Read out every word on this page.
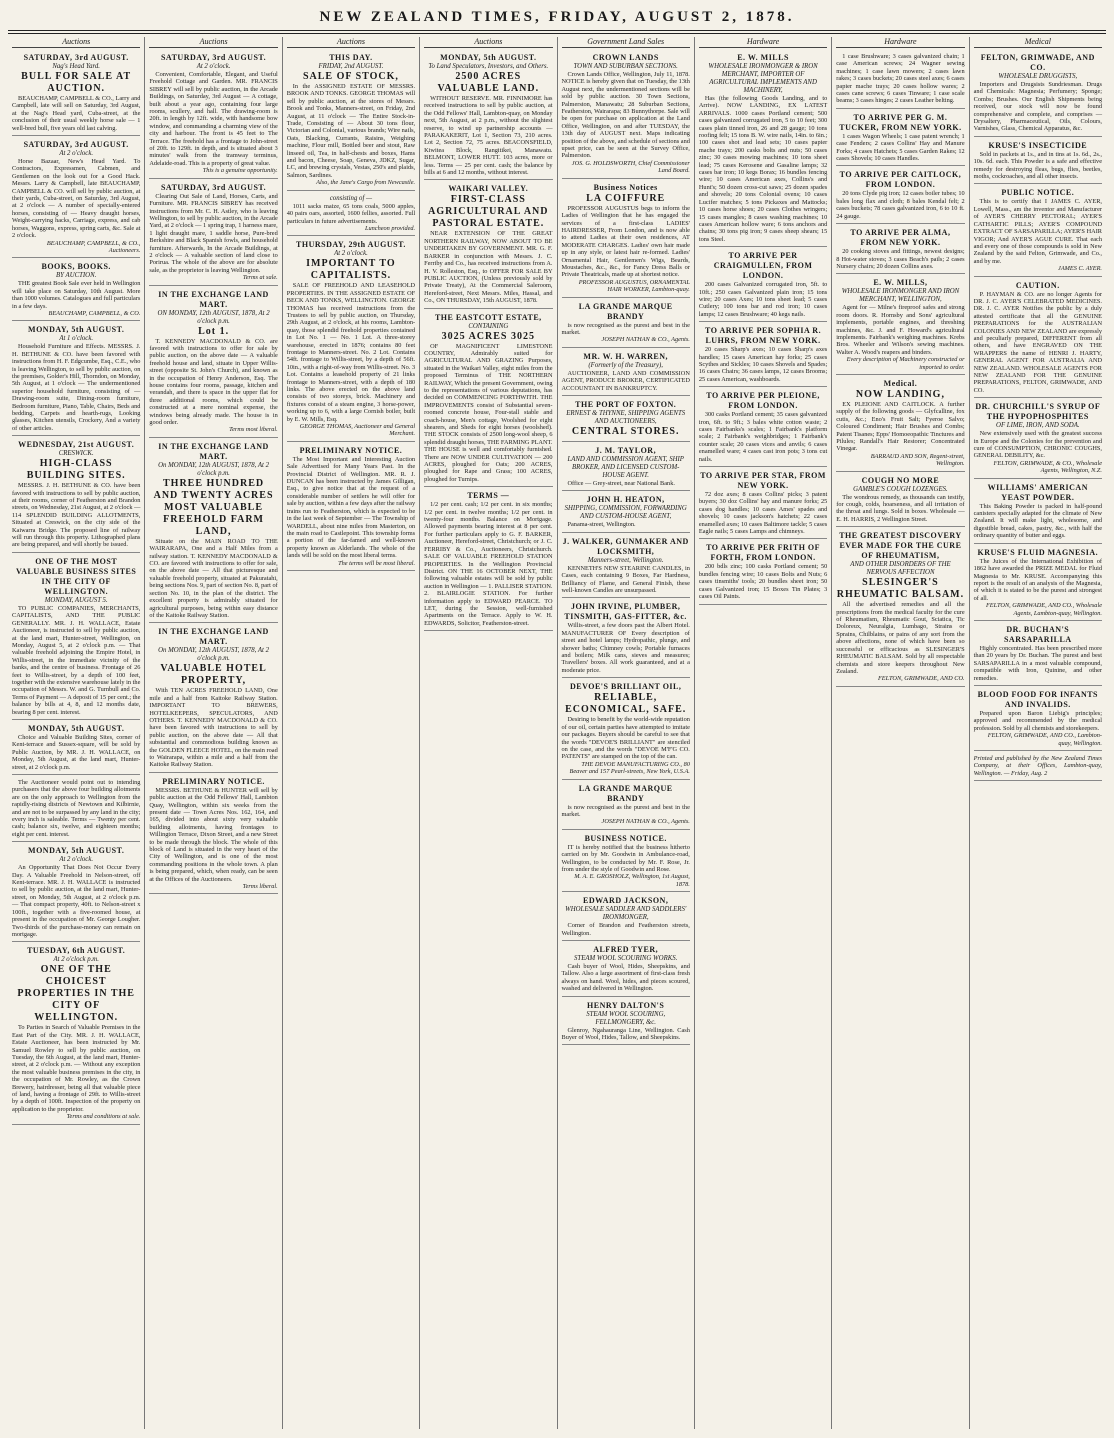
NEW ZEALAND TIMES, FRIDAY, AUGUST 2, 1878.
Auctions
SATURDAY, 3rd AUGUST.
Nag's Head Yard.
BULL FOR SALE AT AUCTION.

BEAUCHAMP, CAMPBELL & CO., Larry and Campbell, late will sell on Saturday, 3rd August, at the Nag's Head yard, Cuba-street, at the conclusion of their usual weekly horse sale — 1 well-bred bull, five years old last calving.

SATURDAY, 3rd AUGUST.
At 2 o'clock.

Horse Bazaar, New's Head Yard. To Contractors, Expressmen, Cabmen, and Gentlemen on the look out for a Good Hack. Messrs. Larry & Campbell, late BEAUCHAMP, CAMPBELL & CO. will sell by public auction, at their yards, Cuba-street, on Saturday, 3rd August, at 2 o'clock — A number of specially-entered horses, consisting of — Heavy draught horses, Weight-carrying hacks, Carriage, express, and cab horses, Waggons, express, spring carts, &c. Sale at 2 o'clock.

BEAUCHAMP, CAMPBELL, & CO., Auctioneers.

BOOKS, BOOKS.
BY AUCTION.

THE greatest Book Sale ever held in Wellington will take place on Saturday, 10th August. More than 1000 volumes. Catalogues and full particulars in a few days.

BEAUCHAMP, CAMPBELL, & CO.

MONDAY, 5th AUGUST.
At 1 o'clock.

Household Furniture and Effects. MESSRS. J. H. BETHUNE & CO. have been favored with instructions from H. F. Edgcumbe, Esq., C.E., who is leaving Wellington, to sell by public auction, on the premises, Golder's Hill, Thorndon, on Monday, 5th August, at 1 o'clock — The undermentioned superior household furniture, consisting of — Drawing-room suite, Dining-room furniture, Bedroom furniture, Piano, Table, Chairs, Beds and bedding, Carpets and hearth-rugs, Looking glasses, Kitchen utensils, Crockery, And a variety of other articles.

WEDNESDAY, 21st AUGUST.
CRESWICK.
HIGH-CLASS BUILDING SITES.

MESSRS. J. H. BETHUNE & CO. have been favored with instructions to sell by public auction, at their rooms, corner of Featherston and Brandon streets, on Wednesday, 21st August, at 2 o'clock — 114 SPLENDID BUILDING ALLOTMENTS, Situated at Creswick, on the city side of the Kaiwarra Bridge. The proposed line of railway will run through this property. Lithographed plans are being prepared, and will shortly be issued.

ONE OF THE MOST VALUABLE BUSINESS SITES IN THE CITY OF WELLINGTON.
MONDAY, AUGUST 5.

TO PUBLIC COMPANIES, MERCHANTS, CAPITALISTS, AND THE PUBLIC GENERALLY. MR. J. H. WALLACE, Estate Auctioneer, is instructed to sell by public auction, at the land mart, Hunter-street, Wellington, on Monday, August 5, at 2 o'clock p.m. — That valuable freehold adjoining the Empire Hotel, in Willis-street, in the immediate vicinity of the banks, and the centre of business. Frontage of 26 feet to Willis-street, by a depth of 100 feet, together with the extensive warehouse lately in the occupation of Messrs. W. and G. Turnbull and Co. Terms of Payment — A deposit of 15 per cent.; the balance by bills at 4, 8, and 12 months date, bearing 8 per cent. interest.

MONDAY, 5th AUGUST.

Choice and Valuable Building Sites, corner of Kent-terrace and Sussex-square, will be sold by Public Auction, by MR. J. H. WALLACE, on Monday, 5th August, at the land mart, Hunter-street, at 2 o'clock p.m.

The Auctioneer would point out to intending purchasers that the above four building allotments are on the only approach to Wellington from the rapidly-rising districts of Newtown and Kilbirnie, and are not to be surpassed by any land in the city; every inch is saleable. Terms — Twenty per cent. cash; balance six, twelve, and eighteen months; eight per cent. interest.

MONDAY, 5th AUGUST.
At 2 o'clock.

An Opportunity That Does Not Occur Every Day. A Valuable Freehold in Nelson-street, off Kent-terrace. MR. J. H. WALLACE is instructed to sell by public auction, at the land mart, Hunter-street, on Monday, 5th August, at 2 o'clock p.m. — That compact property, 40ft. to Nelson-street x 100ft., together with a five-roomed house, at present in the occupation of Mr. George Lougher. Two-thirds of the purchase-money can remain on mortgage.

TUESDAY, 6th AUGUST.
At 2 o'clock p.m.
ONE OF THE CHOICEST PROPERTIES IN THE CITY OF WELLINGTON.

To Parties in Search of Valuable Premises in the East Part of the City. MR. J. H. WALLACE, Estate Auctioneer, has been instructed by Mr. Samuel Rowley to sell by public auction, on Tuesday, the 6th August, at the land mart, Hunter-street, at 2 o'clock p.m. — Without any exception the most valuable business premises in the city, in the occupation of Mr. Rowley, as the Crown Brewery, hairdresser, being all that valuable piece of land, having a frontage of 29ft. to Willis-street by a depth of 100ft. Inspection of the property on application to the proprietor.

Terms and conditions at sale.

Auctions
SATURDAY, 3rd AUGUST.
At 2 o'clock.

Convenient, Comfortable, Elegant, and Useful Freehold Cottage and Garden. MR. FRANCIS SIBREY will sell by public auction, in the Arcade Buildings, on Saturday, 3rd August — A cottage, built about a year ago, containing four large rooms, scullery, and hall. The drawing-room is 20ft. in length by 12ft. wide, with handsome bow window, and commanding a charming view of the city and harbour. The front is 45 feet to The Terrace. The freehold has a frontage to John-street of 20ft. to 129ft. in depth, and is situated about 3 minutes' walk from the tramway terminus, Adelaide-road. This is a property of great value.

This is a genuine opportunity.

SATURDAY, 3rd AUGUST.

Clearing Out Sale of Land, Horses, Carts, and Furniture. MR. FRANCIS SIBREY has received instructions from Mr. C. H. Astley, who is leaving Wellington, to sell by public auction, in the Arcade Yard, at 2 o'clock — 1 spring trap, 1 harness mare, 1 light draught mare, 1 saddle horse, Pure-bred Berkshire and Black Spanish fowls, and household furniture. Afterwards, In the Arcade Buildings, at 2 o'clock — A valuable section of land close to Porirua. The whole of the above are for absolute sale, as the proprietor is leaving Wellington.

Terms at sale.

IN THE EXCHANGE LAND MART.
ON MONDAY, 12th AUGUST, 1878, At 2 o'clock p.m.
Lot 1.

T. KENNEDY MACDONALD & CO. are favored with instructions to offer for sale by public auction, on the above date — A valuable freehold house and land, situate in Upper Willis-street (opposite St. John's Church), and known as in the occupation of Henry Anderson, Esq. The house contains four rooms, passage, kitchen and verandah, and there is space in the upper flat for three additional rooms, which could be constructed at a mere nominal expense, the windows being already made. The house is in good order.

Terms most liberal.

IN THE EXCHANGE LAND MART.
On MONDAY, 12th AUGUST, 1878, At 2 o'clock p.m.
THREE HUNDRED AND TWENTY ACRES MOST VALUABLE FREEHOLD FARM LAND,

Situate on the MAIN ROAD TO THE WAIRARAPA, One and a Half Miles from a railway station. T. KENNEDY MACDONALD & CO. are favored with instructions to offer for sale, on the above date — All that picturesque and valuable freehold property, situated at Pakuratahi, being sections Nos. 9, part of section No. 8, part of section No. 10, in the plan of the district. The excellent property is admirably situated for agricultural purposes, being within easy distance of the Kaitoke Railway Station.

IN THE EXCHANGE LAND MART.
On MONDAY, 12th AUGUST, 1878, At 2 o'clock p.m.
VALUABLE HOTEL PROPERTY,

With TEN ACRES FREEHOLD LAND, One mile and a half from Kaitoke Railway Station. IMPORTANT TO BREWERS, HOTELKEEPERS, SPECULATORS, AND OTHERS. T. KENNEDY MACDONALD & CO. have been favored with instructions to sell by public auction, on the above date — All that substantial and commodious building known as the GOLDEN FLEECE HOTEL, on the main road to Wairarapa, within a mile and a half from the Kaitoke Railway Station.

PRELIMINARY NOTICE.

MESSRS. BETHUNE & HUNTER will sell by public auction at the Odd Fellows' Hall, Lambton Quay, Wellington, within six weeks from the present date — Town Acres Nos. 162, 164, and 165, divided into about sixty very valuable building allotments, having frontages to Willington Terrace, Dixon Street, and a new Street to be made through the block. The whole of this block of Land is situated in the very heart of the City of Wellington, and is one of the most commanding positions in the whole town. A plan is being prepared, which, when ready, can be seen at the Offices of the Auctioneers.

Terms liberal.

Auctions
THIS DAY.
FRIDAY, 2nd AUGUST.
SALE OF STOCK,

In the ASSIGNED ESTATE OF MESSRS. BROOK AND TONKS. GEORGE THOMAS will sell by public auction, at the stores of Messrs. Brook and Tonks, Manners-street, on Friday, 2nd August, at 11 o'clock — The Entire Stock-in-Trade, Consisting of — About 30 tons flour, Victorian and Colonial, various brands; Wire nails, Oats, Blacking, Currants, Raisins, Weighing machine, Flour mill, Bottled beer and stout, Raw linseed oil, Tea, in half-chests and boxes, Hams and bacon, Cheese, Soap, Geneva, JDKZ, Sugar, LC, and brewing crystals, Vestas, 250's and plaids, Salmon, Sardines.

Also, the Jane's Cargo from Newcastle.

consisting of —

1011 sacks maize, 65 tons coals, 5000 apples, 40 pairs oars, assorted, 1600 fellies, assorted. Full particulars in future advertisements.

Luncheon provided.

THURSDAY, 29th AUGUST.
At 2 o'clock.
IMPORTANT TO CAPITALISTS.

SALE OF FREEHOLD AND LEASEHOLD PROPERTIES. IN THE ASSIGNED ESTATE OF BECK AND TONKS, WELLINGTON. GEORGE THOMAS has received instructions from the Trustees to sell by public auction, on Thursday, 29th August, at 2 o'clock, at his rooms, Lambton-quay, those splendid freehold properties contained in Lot No. 1 — No. 1 Lot. A three-storey warehouse, erected in 1876; contains 80 feet frontage to Manners-street. No. 2 Lot. Contains 54ft. frontage to Willis-street, by a depth of 56ft. 10in., with a right-of-way from Willis-street. No. 3 Lot. Contains a leasehold property of 21 links frontage to Manners-street, with a depth of 180 links. The above erected on the above land consists of two storeys, brick. Machinery and fixtures consist of a steam engine, 3 horse-power, working up to 6, with a large Cornish boiler, built by E. W. Mills, Esq.

GEORGE THOMAS, Auctioneer and General Merchant.

PRELIMINARY NOTICE.

The Most Important and Interesting Auction Sale Advertised for Many Years Past. In the Provincial District of Wellington. MR. R. J. DUNCAN has been instructed by James Gilligan, Esq., to give notice that at the request of a considerable number of settlers he will offer for sale by auction, within a few days after the railway trains run to Featherston, which is expected to be in the last week of September — The Township of WARDELL, about nine miles from Masterton, on the main road to Castlepoint. This township forms a portion of the far-famed and well-known property known as Alderlands. The whole of the lands will be sold on the most liberal terms.

The terms will be most liberal.

Auctions
MONDAY, 5th AUGUST.
To Land Speculators, Investors, and Others.
2500 ACRES VALUABLE LAND.

WITHOUT RESERVE. MR. FINNIMORE has received instructions to sell by public auction, at the Odd Fellows' Hall, Lambton-quay, on Monday next, 5th August, at 2 p.m., without the slightest reserve, to wind up partnership accounts — PARAKAKERIT, Lot 1, Section 73, 210 acres. Lot 2, Section 72, 75 acres. BEACONSFIELD, Kiwitea Block, Rangitikei, Manawatu. BELMONT, LOWER HUTT. 103 acres, more or less. Terms — 25 per cent. cash; the balance by bills at 6 and 12 months, without interest.

WAIKARI VALLEY.
FIRST-CLASS AGRICULTURAL AND PASTORAL ESTATE.

NEAR EXTENSION OF THE GREAT NORTHERN RAILWAY, NOW ABOUT TO BE UNDERTAKEN BY GOVERNMENT. MR. G. F. BARKER in conjunction with Messrs. J. C. Ferriby and Co., has received instructions from A. H. V. Rolleston, Esq., to OFFER FOR SALE BY PUBLIC AUCTION, (Unless previously sold by Private Treaty), At the Commercial Saleroom, Hereford-street, Next Messrs. Miles, Hassal, and Co., ON THURSDAY, 15th AUGUST, 1878.

THE EASTCOTT ESTATE,
CONTAINING
3025 ACRES 3025

OF MAGNIFICENT LIMESTONE COUNTRY, Admirably suited for AGRICULTURAL AND GRAZING Purposes, situated in the Waikari Valley, eight miles from the proposed Terminus of THE NORTHERN RAILWAY, Which the present Government, owing to the representations of various deputations, has decided on COMMENCING FORTHWITH. THE IMPROVEMENTS consist of Substantial seven-roomed concrete house, Four-stall stable and coach-house, Men's cottage, Woolshed for eight shearers, and Sheds for eight horses (woolshed). THE STOCK consists of 2500 long-wool sheep, 6 splendid draught horses, THE FARMING PLANT. THE HOUSE is well and comfortably furnished. There are NOW UNDER CULTIVATION — 200 ACRES, ploughed for Oats; 200 ACRES, ploughed for Rape and Grass; 100 ACRES, ploughed for Turnips.

TERMS —

1/2 per cent. cash; 1/2 per cent. in six months; 1/2 per cent. in twelve months; 1/2 per cent. in twenty-four months. Balance on Mortgage. Allowed payments bearing interest at 8 per cent. For further particulars apply to G. F. BARKER, Auctioneer, Hereford-street, Christchurch; or J. C. FERRIBY & Co., Auctioneers, Christchurch. SALE OF VALUABLE FREEHOLD STATION PROPERTIES. In the Wellington Provincial District. ON THE 16 OCTOBER NEXT, THE following valuable estates will be sold by public auction in Wellington — 1. PALLISER STATION. 2. BLAIRLOGIE STATION. For further information apply to EDWARD PEARCE. TO LET, during the Session, well-furnished Apartments on the Terrace. Apply to W. H. EDWARDS, Solicitor, Featherston-street.

Government Land Sales
CROWN LANDS
TOWN AND SUBURBAN SECTIONS.

Crown Lands Office, Wellington, July 11, 1878. NOTICE is hereby given that on Tuesday, the 13th August next, the undermentioned sections will be sold by public auction. 30 Town Sections, Palmerston, Manawatu; 28 Suburban Sections, Featherston, Wairarapa; 83 Bunnythorpe. Sale will be open for purchase on application at the Land Office, Wellington, on and after TUESDAY, the 13th day of AUGUST next. Maps indicating position of the above, and schedule of sections and upset price, can be seen at the Survey Office, Palmerston.

JOS. G. HOLDSWORTH, Chief Commissioner Land Board.

Business Notices
LA COIFFURE

PROFESSOR AUGUSTUS begs to inform the Ladies of Wellington that he has engaged the services of a first-class LADIES' HAIRDRESSER, From London, and is now able to attend Ladies at their own residences, AT MODERATE CHARGES. Ladies' own hair made up in any style, or latest hair re-formed. Ladies' Ornamental Hair, Gentlemen's Wigs, Beards, Moustaches, &c., &c., for Fancy Dress Balls or Private Theatricals, made up at shortest notice.

PROFESSOR AUGUSTUS, ORNAMENTAL HAIR WORKER, Lambton-quay.

LA GRANDE MARQUE BRANDY

is now recognised as the purest and best in the market.

JOSEPH NATHAN & CO., Agents.

MR. W. H. WARREN,
(Formerly of the Treasury),

AUCTIONEER, LAND AND COMMISSION AGENT, PRODUCE BROKER, CERTIFICATED ACCOUNTANT IN BANKRUPTCY.

THE PORT OF FOXTON.
ERNEST & THYNNE, SHIPPING AGENTS AND AUCTIONEERS,
CENTRAL STORES.
J. M. TAYLOR,
LAND AND COMMISSION AGENT, SHIP BROKER, AND LICENSED CUSTOM-HOUSE AGENT.

Office — Grey-street, near National Bank.

JOHN H. HEATON,
SHIPPING, COMMISSION, FORWARDING AND CUSTOM-HOUSE AGENT,

Panama-street, Wellington.

J. WALKER, GUNMAKER AND LOCKSMITH,
Manners-street, Wellington.

KENNETH'S NEW STEARINE CANDLES, in Cases, each containing 9 Boxes, Far Hardness, Brilliancy of Flame, and General Finish, these well-known Candles are unsurpassed.

JOHN IRVINE, PLUMBER, TINSMITH, GAS-FITTER, &c.

Willis-street, a few doors past the Albert Hotel. MANUFACTURER OF Every description of street and hotel lamps; Hydropathic, plunge, and shower baths; Chimney cowls; Portable furnaces and boilers; Milk cans, sieves and measures; Travellers' boxes. All work guaranteed, and at a moderate price.

DEVOE'S BRILLIANT OIL,
RELIABLE, ECONOMICAL, SAFE.

Desiring to benefit by the world-wide reputation of our oil, certain parties have attempted to imitate our packages. Buyers should be careful to see that the words "DEVOE'S BRILLIANT" are stenciled on the case, and the words "DEVOE M'F'G CO. PATENTS" are stamped on the top of the can.

THE DEVOE MANUFACTURING CO., 80 Beaver and 157 Pearl-streets, New York, U.S.A.

LA GRANDE MARQUE BRANDY

is now recognised as the purest and best in the market.

JOSEPH NATHAN & CO., Agents.

BUSINESS NOTICE.

IT is hereby notified that the business hitherto carried on by Mr. Goodwin in Ambulance-road, Wellington, to be conducted by Mr. F. Rose, Jr. from under the style of Goodwin and Rose.

M. A. E. GROSHOLZ, Wellington, 1st August, 1878.

EDWARD JACKSON,
WHOLESALE SADDLER AND SADDLERS' IRONMONGER,

Corner of Brandon and Featherston streets, Wellington.

ALFRED TYER,
STEAM WOOL SCOURING WORKS.

Cash buyer of Wool, Hides, Sheepskins, and Tallow. Also a large assortment of first-class fresh always on hand. Wool, hides, and pieces scoured, washed and delivered in Wellington.

HENRY DALTON'S
STEAM WOOL SCOURING, FELLMONGERY, &c.

Glenroy, Ngahauranga Line, Wellington. Cash Buyer of Wool, Hides, Tallow, and Sheepskins.

Hardware
E. W. MILLS
WHOLESALE IRONMONGER & IRON MERCHANT, IMPORTER OF AGRICULTURAL IMPLEMENTS AND MACHINERY,

Has (the following Goods Landing, and to Arrive). NOW LANDING, EX LATEST ARRIVALS. 1000 cases Portland cement; 500 cases galvanized corrugated iron, 5 to 10 feet; 300 cases plain tinned iron, 26 and 28 gauge; 10 tons roofing felt; 15 tons B. W. wire nails, 14in. to 6in.; 100 cases shot and lead sets; 10 cases papier mache trays; 200 casks bolts and nuts; 50 cases zinc; 30 cases mowing machines; 10 tons sheet lead; 75 cases Kerosene and Gasaline lamps; 32 cases bar iron; 10 kegs Borax; 16 bundles fencing wire; 10 cases American axes, Collins's and Hunt's; 50 dozen cross-cut saws; 25 dozen spades and shovels; 20 tons Colonial ovens; 10 cases Lucifer matches; 5 tons Pickaxes and Mattocks; 10 cases horse shoes; 20 cases Clothes wringers; 15 cases mangles; 8 cases washing machines; 10 cases American hollow ware; 6 tons anchors and chains; 30 tons pig iron; 9 cases sheep shears; 15 tons Steel.

TO ARRIVE PER CRAIGMULLEN, FROM LONDON.

200 cases Galvanized corrugated iron, 5ft. to 10ft.; 250 cases Galvanized plain iron; 15 tons wire; 20 cases Axes; 10 tons sheet lead; 5 cases Cutlery; 100 tons bar and rod iron; 10 cases lamps; 12 cases Brushware; 40 kegs nails.

TO ARRIVE PER SOPHIA R. LUHRS, FROM NEW YORK.

20 cases Sharp's axes; 10 cases Sharp's axes handles; 15 cases American hay forks; 25 cases Scythes and Sickles; 10 cases Shovels and Spades; 16 cases Chairs; 36 cases lamps, 12 cases Brooms; 25 cases American, washboards.

TO ARRIVE PER PLEIONE, FROM LONDON.

300 casks Portland cement; 35 cases galvanized iron, 6ft. to 9ft.; 3 bales white cotton waste; 2 cases Fairbanks's scales; 1 Fairbank's platform scale; 2 Fairbank's weighbridges; 1 Fairbank's counter scale; 20 cases vices and anvils; 6 cases enamelled ware; 4 cases cast iron pots; 3 tons cut nails.

TO ARRIVE PER STAR, FROM NEW YORK.

72 doz axes; 8 cases Collins' picks; 3 patent buyers; 30 doz Collins' hay and manure forks; 25 cases dog handles; 10 cases Ames' spades and shovels; 10 cases jackson's hatchets; 22 cases enamelled axes; 10 cases Baltimore tackle; 5 cases Eagle nails; 5 cases Lamps and chimneys.

TO ARRIVE PER FRITH OF FORTH, FROM LONDON.

200 bdls zinc; 100 casks Portland cement; 50 bundles fencing wire; 10 cases Bolts and Nuts; 6 cases tinsmiths' tools; 20 bundles sheet iron; 50 cases Galvanized iron; 15 Boxes Tin Plates; 3 cases Oil Paints.

Hardware

1 case Brushware; 3 cases galvanized chain; 1 case American screws; 24 Wagner sewing machines; 1 case lawn mowers; 2 cases lawn rakes; 3 cases buckets; 20 cases steel axes; 6 cases papier mache trays; 20 cases hollow wares; 2 cases cane screws; 6 cases Tinware; 1 case scale beams; 3 cases hinges; 2 cases Leather belting.

TO ARRIVE PER G. M. TUCKER, FROM NEW YORK.

1 cases Wagon Wheels; 1 case patent wrench; 1 case Fenders; 2 cases Collins' Hay and Manure Forks; 4 cases Hatchets; 5 cases Garden Rakes; 12 cases Shovels; 10 cases Handles.

TO ARRIVE PER CAITLOCK, FROM LONDON.

20 tons Clyde pig iron; 12 cases boiler tubes; 10 bales long flax and cloth; 8 bales Kendal felt; 2 cases buckets; 78 cases galvanized iron, 6 to 10 ft. 24 gauge.

TO ARRIVE PER ALMA, FROM NEW YORK.

20 cooking stoves and fittings, newest designs; 8 Hot-water stoves; 3 cases Beach's pails; 2 cases Nursery chairs; 20 dozen Collins axes.

E. W. MILLS,
WHOLESALE IRONMONGER AND IRON MERCHANT, WELLINGTON,

Agent for — Milne's fireproof safes and strong room doors. R. Hornsby and Sons' agricultural implements, portable engines, and threshing machines, &c. J. and F. Howard's agricultural implements. Fairbank's weighing machines. Krebs Bros. Wheeler and Wilson's sewing machines. Walter A. Wood's reapers and binders.

Every description of Machinery constructed or imported to order.

Medical.
NOW LANDING,

EX PLEIONE AND CAITLOCK. A further supply of the following goods — Glyfcalline, fox cutis, &c.; Eno's Fruit Salt; Fyeroe Salvo; Coloured Condiment; Hair Brushes and Combs; Patent Tisanes; Epps' Homoeopathic Tinctures and Pilules; Randall's Hair Restorer; Concentrated Vinegar.

BARRAUD AND SON, Regent-street, Wellington.

COUGH NO MORE
GAMBLE'S COUGH LOZENGES.

The wondrous remedy, as thousands can testify, for cough, colds, hoarseness, and all irritation of the throat and lungs. Sold in boxes. Wholesale — E. H. HARRIS, 2 Wellington Street.

THE GREATEST DISCOVERY EVER MADE FOR THE CURE OF RHEUMATISM,
AND OTHER DISORDERS OF THE NERVOUS AFFECTION
SLESINGER'S RHEUMATIC BALSAM.

All the advertised remedies and all the prescriptions from the medical faculty for the cure of Rheumatism, Rheumatic Gout, Sciatica, Tic Doloreux, Neuralgia, Lumbago, Strains or Sprains, Chilblains, or pains of any sort from the above affections, none of which have been so successful or efficacious as SLESINGER'S RHEUMATIC BALSAM. Sold by all respectable chemists and store keepers throughout New Zealand.

FELTON, GRIMWADE, AND CO.

Medical
FELTON, GRIMWADE, AND CO.
WHOLESALE DRUGGISTS,

Importers and Drugsists Sundriesman. Drugs and Chemicals: Magnesia; Perfumery; Sponge; Combs; Brushes. Our English Shipments being received, our stock will now be found comprehensive and complete, and comprises — Drysaltery, Pharmaceutical, Oils, Colours, Varnishes, Glass, Chemical Apparatus, &c.

KRUSE'S INSECTICIDE

Sold in packets at 1s., and in tins at 1s. 6d., 2s., 10s. 6d. each. This Powder is a safe and effective remedy for destroying fleas, bugs, flies, beetles, moths, cockroaches, and all other insects.

PUBLIC NOTICE.

This is to certify that I JAMES C. AYER, Lowell, Mass., am the inventor and Manufacturer of AYER'S CHERRY PECTORAL; AYER'S CATHARTIC PILLS; AYER'S COMPOUND EXTRACT OF SARSAPARILLA; AYER'S HAIR VIGOR; And AYER'S AGUE CURE. That each and every one of those compounds is sold in New Zealand by the said Felton, Grimwade, and Co., and by me.

JAMES C. AYER.

CAUTION.

P. HAYMAN & CO. are no longer Agents for DR. J. C. AYER'S CELEBRATED MEDICINES. DR. J. C. AYER Notifies the public by a duly attested certificate that all the GENUINE PREPARATIONS for the AUSTRALIAN COLONIES AND NEW ZEALAND are expressly and peculiarly prepared, DIFFERENT from all others, and have ENGRAVED ON THE WRAPPERS the name of HENRI J. HARTY, GENERAL AGENT FOR AUSTRALIA AND NEW ZEALAND. WHOLESALE AGENTS FOR NEW ZEALAND FOR THE GENUINE PREPARATIONS, FELTON, GRIMWADE, AND CO.

DR. CHURCHILL'S SYRUP OF THE HYPOPHOSPHITES
OF LIME, IRON, AND SODA.

New extensively used with the greatest success in Europe and the Colonies for the prevention and cure of CONSUMPTION, CHRONIC COUGHS, GENERAL DEBILITY, &c.

FELTON, GRIMWADE, & CO., Wholesale Agents, Wellington, N.Z.

WILLIAMS' AMERICAN YEAST POWDER.

This Baking Powder is packed in half-pound canisters specially adapted for the climate of New Zealand. It will make light, wholesome, and digestible bread, cakes, pastry, &c., with half the ordinary quantity of butter and eggs.

KRUSE'S FLUID MAGNESIA.

The Juices of the International Exhibition of 1862 have awarded the PRIZE MEDAL for Fluid Magnesia to Mr. KRUSE. Accompanying this report is the result of an analysis of the Magnesia, of which it is stated to be the purest and strongest of all.

FELTON, GRIMWADE, AND CO., Wholesale Agents, Lambton-quay, Wellington.

DR. BUCHAN'S SARSAPARILLA

Highly concentrated. Has been prescribed more than 20 years by Dr. Buchan. The purest and best SARSAPARILLA in a most valuable compound, compatible with Iron, Quinine, and other remedies.

BLOOD FOOD FOR INFANTS AND INVALIDS.

Prepared upon Baron Liebig's principles; approved and recommended by the medical profession. Sold by all chemists and storekeepers.

FELTON, GRIMWADE, AND CO., Lambton-quay, Wellington.

Printed and published by the New Zealand Times Company, at their Offices, Lambton-quay, Wellington. — Friday, Aug. 2
